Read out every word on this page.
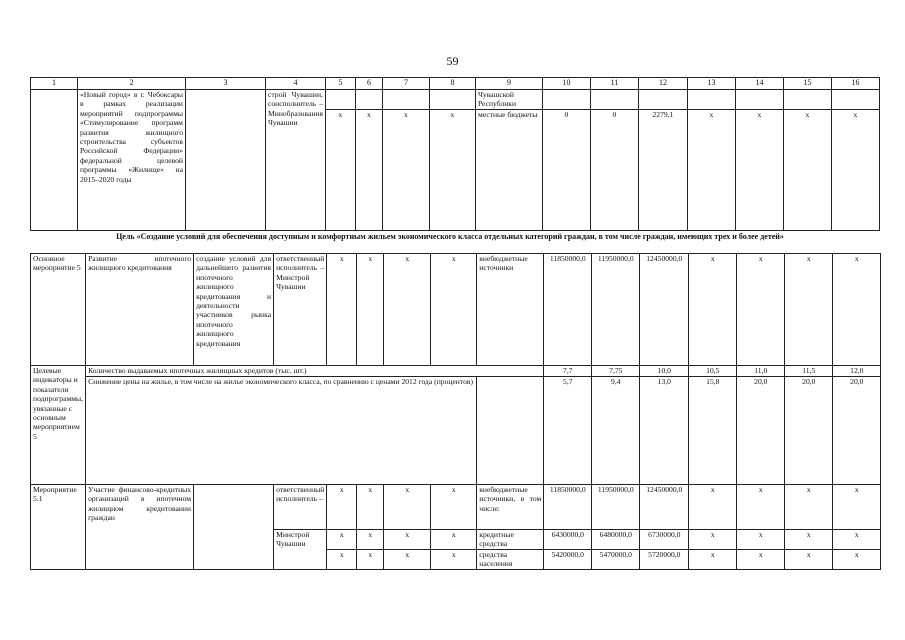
59
1	2	3	4	5	6	7	8	9	10	11	12	13	14	15	16
	«Новый город» в г. Чебоксары в рамках реализации мероприятий подпрограммы «Стимулирование программ развития жилищного строительства субъектов Российской Федерации» федеральной целевой программы «Жилище» на 2015–2020 годы		строй Чувашии, соисполнитель – Минобразования Чувашии					Чувашской Республики							
				x	x	x	x	местные бюджеты	0	0	2279,1	x	x	x	x
Цель «Создание условий для обеспечения доступным и комфортным жильем экономического класса отдельных категорий граждан, в том числе граждан, имеющих трех и более детей»
Основное мероприятие 5	Развитие ипотечного жилищного кредитования	создание условий для дальнейшего развития ипотечного жилищного кредитования и деятельности участников рынка ипотечного жилищного кредитования	ответственный исполнитель – Минстрой Чувашии	x	x	x	x	внебюджетные источники	11850000,0	11950000,0	12450000,0	x	x	x	x
Целевые индикаторы и показатели подпрограммы, увязанные с основным мероприятием 5	Количество выдаваемых ипотечных жилищных кредитов (тыс. шт.)								7,7	7,75	10,0	10,5	11,0	11,5	12,0
	Снижение цены на жилье, в том числе на жилье экономического класса, по сравнению с ценами 2012 года (процентов)								5,7	9,4	13,0	15,8	20,0	20,0	20,0
Мероприятие 5.1	Участие финансово-кредитных организаций в ипотечном жилищном кредитовании граждан		ответственный исполнитель –	x	x	x	x	внебюджетные источники, в том числе:	11850000,0	11950000,0	12450000,0	x	x	x	x
			Минстрой Чувашии	x	x	x	x	кредитные средства	6430000,0	6480000,0	6730000,0	x	x	x	x
				x	x	x	x	средства населения	5420000,0	5470000,0	5720000,0	x	x	x	x
